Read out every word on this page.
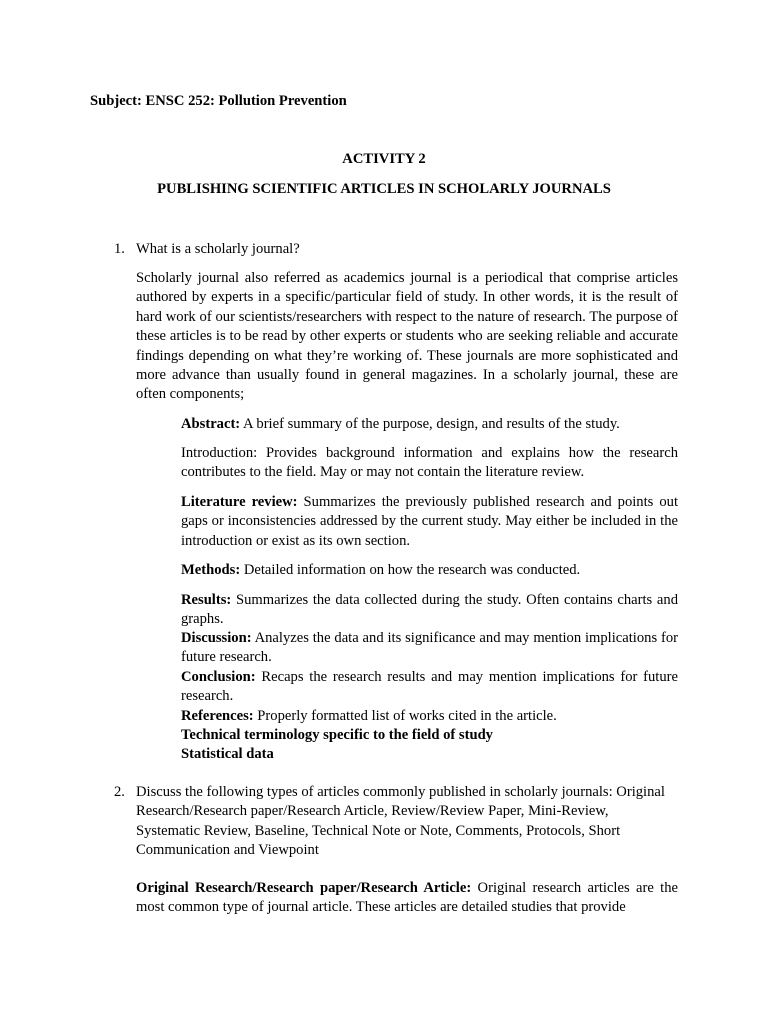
Subject: ENSC 252: Pollution Prevention
ACTIVITY 2
PUBLISHING SCIENTIFIC ARTICLES IN SCHOLARLY JOURNALS
1. What is a scholarly journal?

Scholarly journal also referred as academics journal is a periodical that comprise articles authored by experts in a specific/particular field of study. In other words, it is the result of hard work of our scientists/researchers with respect to the nature of research. The purpose of these articles is to be read by other experts or students who are seeking reliable and accurate findings depending on what they’re working of. These journals are more sophisticated and more advance than usually found in general magazines. In a scholarly journal, these are often components;

Abstract: A brief summary of the purpose, design, and results of the study.

Introduction: Provides background information and explains how the research contributes to the field. May or may not contain the literature review.

Literature review: Summarizes the previously published research and points out gaps or inconsistencies addressed by the current study. May either be included in the introduction or exist as its own section.

Methods: Detailed information on how the research was conducted.

Results: Summarizes the data collected during the study. Often contains charts and graphs.

Discussion: Analyzes the data and its significance and may mention implications for future research.

Conclusion: Recaps the research results and may mention implications for future research.

References: Properly formatted list of works cited in the article.

Technical terminology specific to the field of study

Statistical data

2. Discuss the following types of articles commonly published in scholarly journals: Original Research/Research paper/Research Article, Review/Review Paper, Mini-Review, Systematic Review, Baseline, Technical Note or Note, Comments, Protocols, Short Communication and Viewpoint

Original Research/Research paper/Research Article: Original research articles are the most common type of journal article. These articles are detailed studies that provide
